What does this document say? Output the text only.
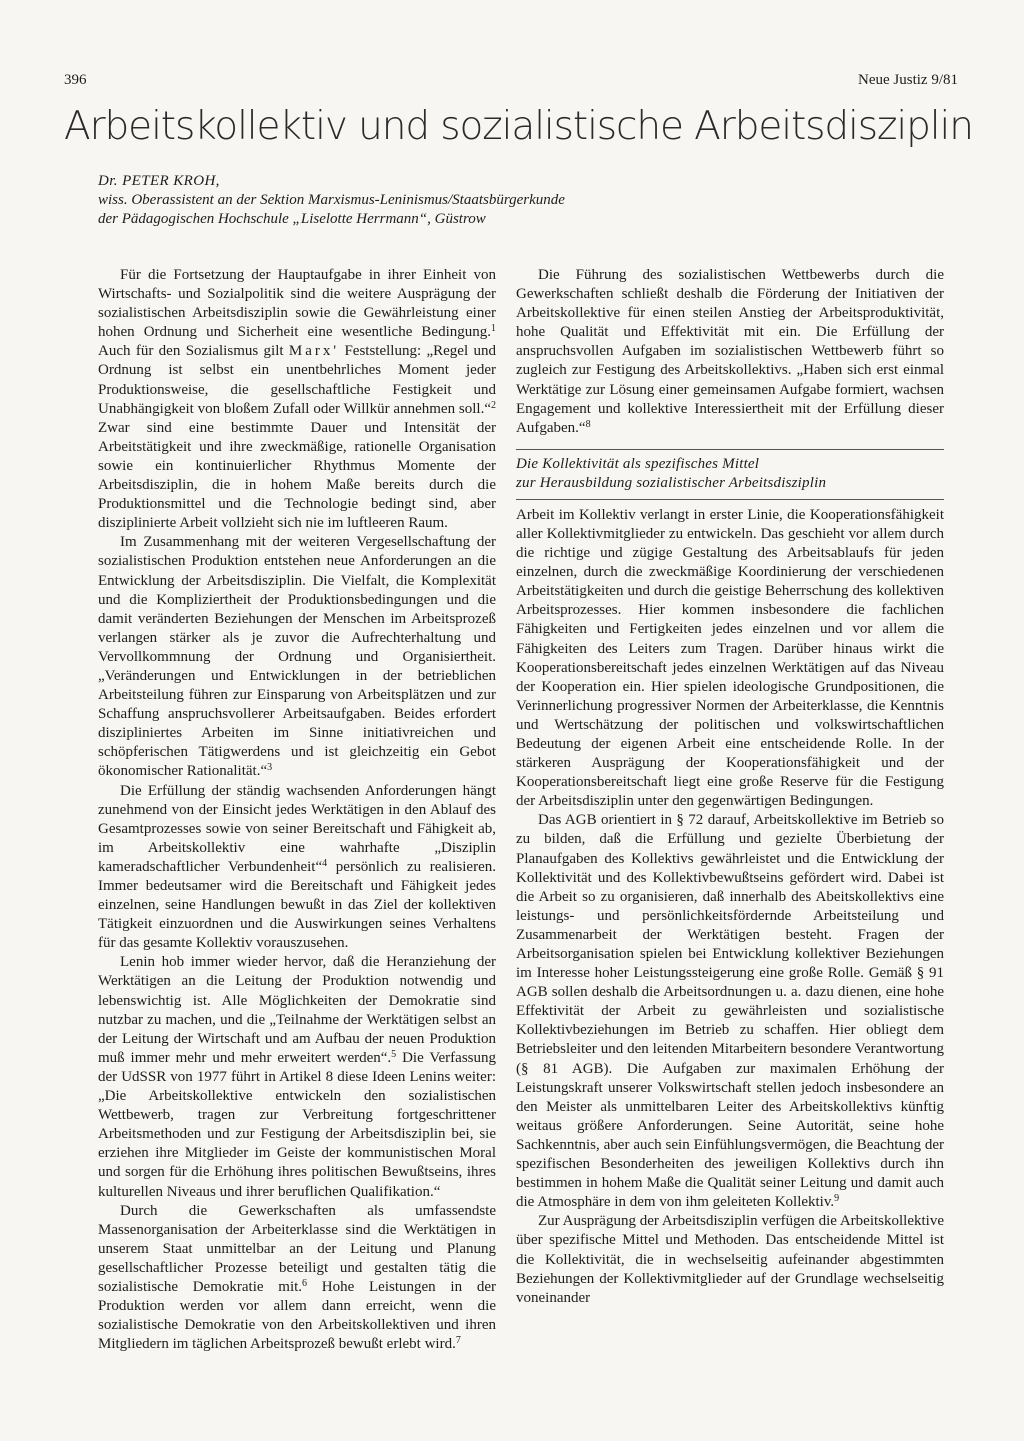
396	Neue Justiz 9/81
Arbeitskollektiv und sozialistische Arbeitsdisziplin
Dr. PETER KROH,
wiss. Oberassistent an der Sektion Marxismus-Leninismus/Staatsbürgerkunde
der Pädagogischen Hochschule „Liselotte Herrmann“, Güstrow

Für die Fortsetzung der Hauptaufgabe in ihrer Einheit von Wirtschafts- und Sozialpolitik sind die weitere Ausprägung der sozialistischen Arbeitsdisziplin sowie die Gewährleistung einer hohen Ordnung und Sicherheit eine wesentliche Bedingung.$^1$ Auch für den Sozialismus gilt Marx' Feststellung: „Regel und Ordnung ist selbst ein unentbehrliches Moment jeder Produktionsweise, die gesellschaftliche Festigkeit und Unabhängigkeit von bloßem Zufall oder Willkür annehmen soll.“$^2$ Zwar sind eine bestimmte Dauer und Intensität der Arbeitstätigkeit und ihre zweckmäßige, rationelle Organisation sowie ein kontinuierlicher Rhythmus Momente der Arbeitsdisziplin, die in hohem Maße bereits durch die Produktionsmittel und die Technologie bedingt sind, aber disziplinierte Arbeit vollzieht sich nie im luftleeren Raum.

Im Zusammenhang mit der weiteren Vergesellschaftung der sozialistischen Produktion entstehen neue Anforderungen an die Entwicklung der Arbeitsdisziplin. Die Vielfalt, die Komplexität und die Kompliziertheit der Produktionsbedingungen und die damit veränderten Beziehungen der Menschen im Arbeitsprozeß verlangen stärker als je zuvor die Aufrechterhaltung und Vervollkommnung der Ordnung und Organisiertheit. „Veränderungen und Entwicklungen in der betrieblichen Arbeitsteilung führen zur Einsparung von Arbeitsplätzen und zur Schaffung anspruchsvollerer Arbeitsaufgaben. Beides erfordert diszipliniertes Arbeiten im Sinne initiativreichen und schöpferischen Tätigwerdens und ist gleichzeitig ein Gebot ökonomischer Rationalität.“$^3$

Die Erfüllung der ständig wachsenden Anforderungen hängt zunehmend von der Einsicht jedes Werktätigen in den Ablauf des Gesamtprozesses sowie von seiner Bereitschaft und Fähigkeit ab, im Arbeitskollektiv eine wahrhafte „Disziplin kameradschaftlicher Verbundenheit“$^4$ persönlich zu realisieren. Immer bedeutsamer wird die Bereitschaft und Fähigkeit jedes einzelnen, seine Handlungen bewußt in das Ziel der kollektiven Tätigkeit einzuordnen und die Auswirkungen seines Verhaltens für das gesamte Kollektiv vorauszusehen.

Lenin hob immer wieder hervor, daß die Heranziehung der Werktätigen an die Leitung der Produktion notwendig und lebenswichtig ist. Alle Möglichkeiten der Demokratie sind nutzbar zu machen, und die „Teilnahme der Werktätigen selbst an der Leitung der Wirtschaft und am Aufbau der neuen Produktion muß immer mehr und mehr erweitert werden“.$^5$ Die Verfassung der UdSSR von 1977 führt in Artikel 8 diese Ideen Lenins weiter: „Die Arbeitskollektive entwickeln den sozialistischen Wettbewerb, tragen zur Verbreitung fortgeschrittener Arbeitsmethoden und zur Festigung der Arbeitsdisziplin bei, sie erziehen ihre Mitglieder im Geiste der kommunistischen Moral und sorgen für die Erhöhung ihres politischen Bewußtseins, ihres kulturellen Niveaus und ihrer beruflichen Qualifikation.“

Durch die Gewerkschaften als umfassendste Massenorganisation der Arbeiterklasse sind die Werktätigen in unserem Staat unmittelbar an der Leitung und Planung gesellschaftlicher Prozesse beteiligt und gestalten tätig die sozialistische Demokratie mit.$^6$ Hohe Leistungen in der Produktion werden vor allem dann erreicht, wenn die sozialistische Demokratie von den Arbeitskollektiven und ihren Mitgliedern im täglichen Arbeitsprozeß bewußt erlebt wird.$^7$

Die Führung des sozialistischen Wettbewerbs durch die Gewerkschaften schließt deshalb die Förderung der Initiativen der Arbeitskollektive für einen steilen Anstieg der Arbeitsproduktivität, hohe Qualität und Effektivität mit ein. Die Erfüllung der anspruchsvollen Aufgaben im sozialistischen Wettbewerb führt so zugleich zur Festigung des Arbeitskollektivs. „Haben sich erst einmal Werktätige zur Lösung einer gemeinsamen Aufgabe formiert, wachsen Engagement und kollektive Interessiertheit mit der Erfüllung dieser Aufgaben.“$^8$

Die Kollektivität als spezifisches Mittel
zur Herausbildung sozialistischer Arbeitsdisziplin

Arbeit im Kollektiv verlangt in erster Linie, die Kooperationsfähigkeit aller Kollektivmitglieder zu entwickeln. Das geschieht vor allem durch die richtige und zügige Gestaltung des Arbeitsablaufs für jeden einzelnen, durch die zweckmäßige Koordinierung der verschiedenen Arbeitstätigkeiten und durch die geistige Beherrschung des kollektiven Arbeitsprozesses. Hier kommen insbesondere die fachlichen Fähigkeiten und Fertigkeiten jedes einzelnen und vor allem die Fähigkeiten des Leiters zum Tragen. Darüber hinaus wirkt die Kooperationsbereitschaft jedes einzelnen Werktätigen auf das Niveau der Kooperation ein. Hier spielen ideologische Grundpositionen, die Verinnerlichung progressiver Normen der Arbeiterklasse, die Kenntnis und Wertschätzung der politischen und volkswirtschaftlichen Bedeutung der eigenen Arbeit eine entscheidende Rolle. In der stärkeren Ausprägung der Kooperationsfähigkeit und der Kooperationsbereitschaft liegt eine große Reserve für die Festigung der Arbeitsdisziplin unter den gegenwärtigen Bedingungen.

Das AGB orientiert in § 72 darauf, Arbeitskollektive im Betrieb so zu bilden, daß die Erfüllung und gezielte Überbietung der Planaufgaben des Kollektivs gewährleistet und die Entwicklung der Kollektivität und des Kollektivbewußtseins gefördert wird. Dabei ist die Arbeit so zu organisieren, daß innerhalb des Abeitskollektivs eine leistungs- und persönlichkeitsfördernde Arbeitsteilung und Zusammenarbeit der Werktätigen besteht. Fragen der Arbeitsorganisation spielen bei Entwicklung kollektiver Beziehungen im Interesse hoher Leistungssteigerung eine große Rolle. Gemäß § 91 AGB sollen deshalb die Arbeitsordnungen u. a. dazu dienen, eine hohe Effektivität der Arbeit zu gewährleisten und sozialistische Kollektivbeziehungen im Betrieb zu schaffen. Hier obliegt dem Betriebsleiter und den leitenden Mitarbeitern besondere Verantwortung (§ 81 AGB). Die Aufgaben zur maximalen Erhöhung der Leistungskraft unserer Volkswirtschaft stellen jedoch insbesondere an den Meister als unmittelbaren Leiter des Arbeitskollektivs künftig weitaus größere Anforderungen. Seine Autorität, seine hohe Sachkenntnis, aber auch sein Einfühlungsvermögen, die Beachtung der spezifischen Besonderheiten des jeweiligen Kollektivs durch ihn bestimmen in hohem Maße die Qualität seiner Leitung und damit auch die Atmosphäre in dem von ihm geleiteten Kollektiv.$^9$

Zur Ausprägung der Arbeitsdisziplin verfügen die Arbeitskollektive über spezifische Mittel und Methoden. Das entscheidende Mittel ist die Kollektivität, die in wechselseitig aufeinander abgestimmten Beziehungen der Kollektivmitglieder auf der Grundlage wechselseitig voneinander
